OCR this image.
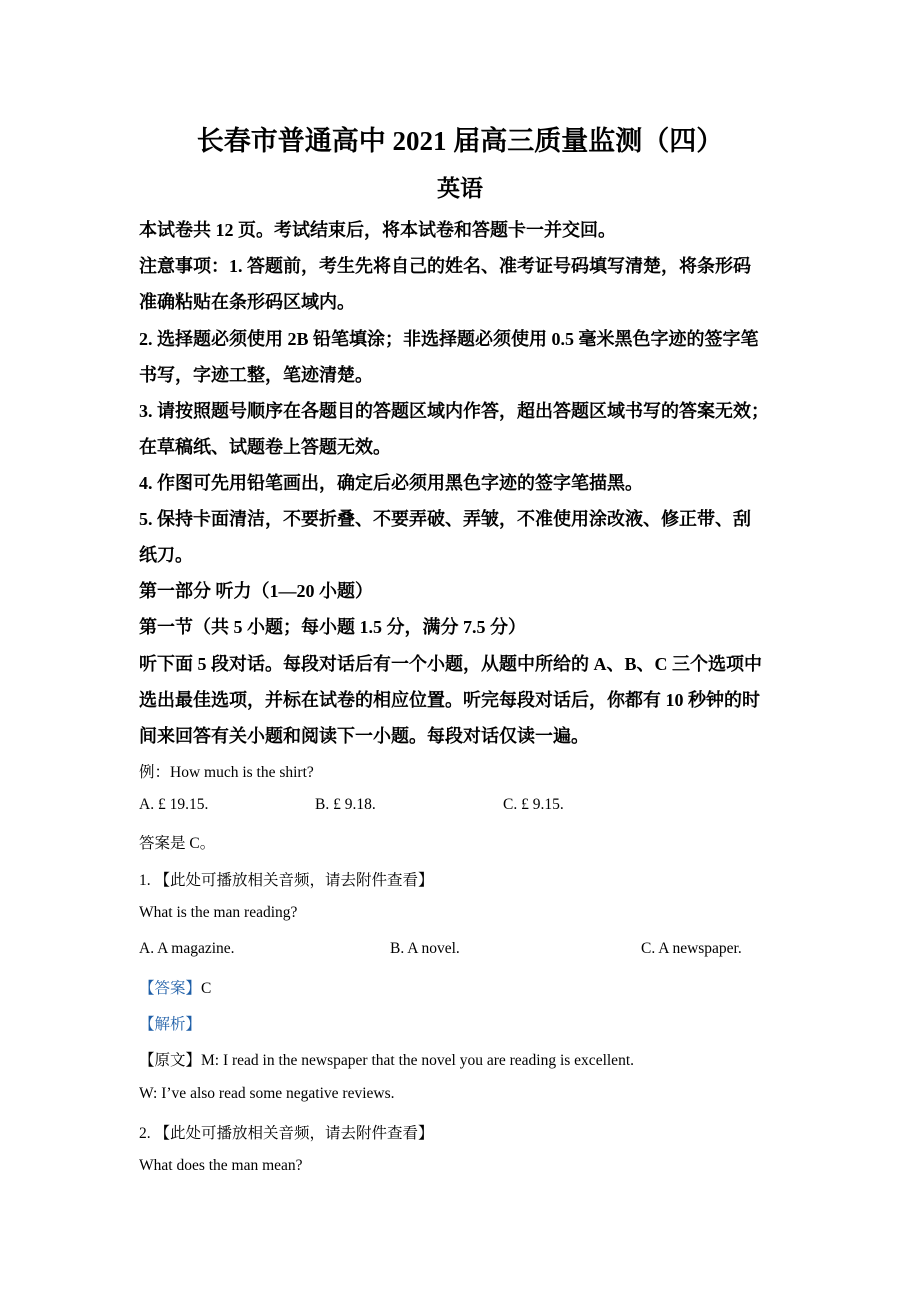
长春市普通高中 2021 届高三质量监测（四）
英语
本试卷共 12 页。考试结束后，将本试卷和答题卡一并交回。
注意事项：1. 答题前，考生先将自己的姓名、准考证号码填写清楚，将条形码
准确粘贴在条形码区域内。
2. 选择题必须使用 2B 铅笔填涂；非选择题必须使用 0.5 毫米黑色字迹的签字笔
书写，字迹工整，笔迹清楚。
3. 请按照题号顺序在各题目的答题区域内作答，超出答题区域书写的答案无效；
在草稿纸、试题卷上答题无效。
4. 作图可先用铅笔画出，确定后必须用黑色字迹的签字笔描黑。
5. 保持卡面清洁，不要折叠、不要弄破、弄皱，不准使用涂改液、修正带、刮
纸刀。
第一部分 听力（1—20 小题）
第一节（共 5 小题；每小题 1.5 分，满分 7.5 分）
听下面 5 段对话。每段对话后有一个小题，从题中所给的 A、B、C 三个选项中
选出最佳选项，并标在试卷的相应位置。听完每段对话后，你都有 10 秒钟的时
间来回答有关小题和阅读下一小题。每段对话仅读一遍。
例：How much is the shirt?
A. £ 19.15.	B. £ 9.18.	C. £ 9.15.
答案是 C。
1. 【此处可播放相关音频，请去附件查看】
What is the man reading?
A. A magazine.	B. A novel.	C. A newspaper.
【答案】C
【解析】
【原文】M: I read in the newspaper that the novel you are reading is excellent.
W: I’ve also read some negative reviews.
2. 【此处可播放相关音频，请去附件查看】
What does the man mean?
